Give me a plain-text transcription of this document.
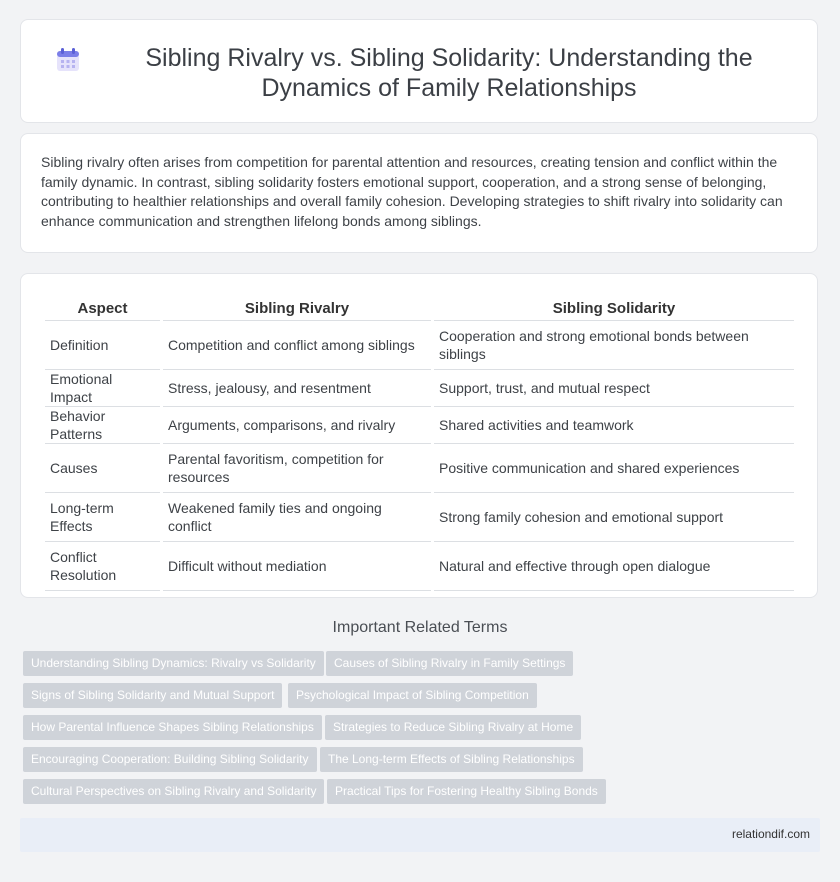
Sibling Rivalry vs. Sibling Solidarity: Understanding the Dynamics of Family Relationships

Sibling rivalry often arises from competition for parental attention and resources, creating tension and conflict within the family dynamic. In contrast, sibling solidarity fosters emotional support, cooperation, and a strong sense of belonging, contributing to healthier relationships and overall family cohesion. Developing strategies to shift rivalry into solidarity can enhance communication and strengthen lifelong bonds among siblings.

Aspect	Sibling Rivalry	Sibling Solidarity
Definition	Competition and conflict among siblings	Cooperation and strong emotional bonds between siblings
Emotional Impact	Stress, jealousy, and resentment	Support, trust, and mutual respect
Behavior Patterns	Arguments, comparisons, and rivalry	Shared activities and teamwork
Causes	Parental favoritism, competition for resources	Positive communication and shared experiences
Long-term Effects	Weakened family ties and ongoing conflict	Strong family cohesion and emotional support
Conflict Resolution	Difficult without mediation	Natural and effective through open dialogue
Important Related Terms
Understanding Sibling Dynamics: Rivalry vs Solidarity	Causes of Sibling Rivalry in Family Settings
Signs of Sibling Solidarity and Mutual Support	Psychological Impact of Sibling Competition
How Parental Influence Shapes Sibling Relationships	Strategies to Reduce Sibling Rivalry at Home
Encouraging Cooperation: Building Sibling Solidarity	The Long-term Effects of Sibling Relationships
Cultural Perspectives on Sibling Rivalry and Solidarity	Practical Tips for Fostering Healthy Sibling Bonds
relationdif.com
